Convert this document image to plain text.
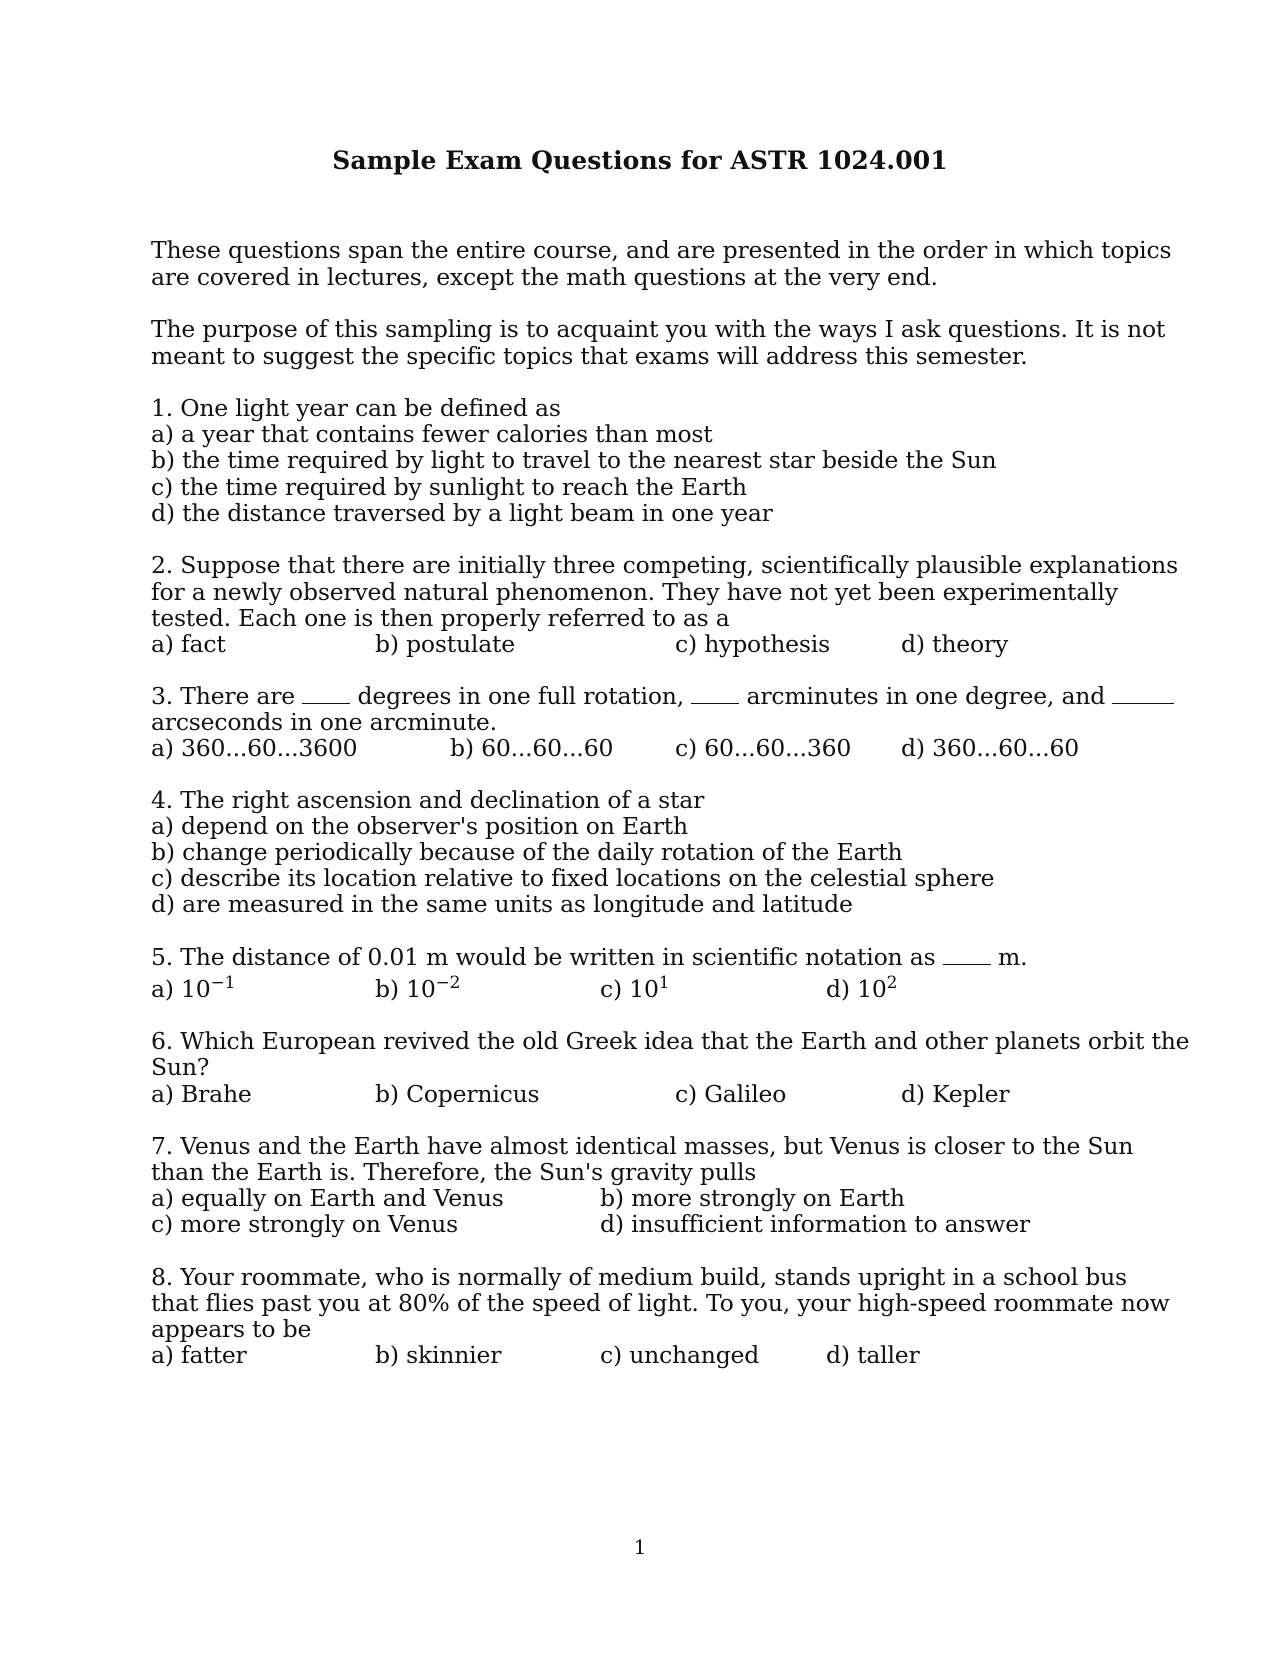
Sample Exam Questions for ASTR 1024.001
These questions span the entire course, and are presented in the order in which topics
are covered in lectures, except the math questions at the very end.
The purpose of this sampling is to acquaint you with the ways I ask questions. It is not
meant to suggest the specific topics that exams will address this semester.
1. One light year can be defined as
a) a year that contains fewer calories than most
b) the time required by light to travel to the nearest star beside the Sun
c) the time required by sunlight to reach the Earth
d) the distance traversed by a light beam in one year
2. Suppose that there are initially three competing, scientifically plausible explanations
for a newly observed natural phenomenon. They have not yet been experimentally
tested. Each one is then properly referred to as a
a) fact	b) postulate	c) hypothesis	d) theory
3. There are	degrees in one full rotation,	arcminutes in one degree, and
arcseconds in one arcminute.
a) 360...60...3600	b) 60...60...60	c) 60...60...360 d) 360...60...60
4. The right ascension and declination of a star
a) depend on the observer's position on Earth
b) change periodically because of the daily rotation of the Earth
c) describe its location relative to fixed locations on the celestial sphere
d) are measured in the same units as longitude and latitude
5. The distance of 0.01 m would be written in scientific notation as	m.
a) $10^{-1}$	b) $10^{-2}$	c) $10^1$	d) $10^2$
6. Which European revived the old Greek idea that the Earth and other planets orbit the
Sun?
a) Brahe	b) Copernicus	c) Galileo	d) Kepler
7. Venus and the Earth have almost identical masses, but Venus is closer to the Sun
than the Earth is. Therefore, the Sun's gravity pulls
a) equally on Earth and Venus	b) more strongly on Earth
c) more strongly on Venus	d) insufficient information to answer
8. Your roommate, who is normally of medium build, stands upright in a school bus
that flies past you at 80% of the speed of light. To you, your high-speed roommate now
appears to be
a) fatter	b) skinnier	c) unchanged	d) taller
1
